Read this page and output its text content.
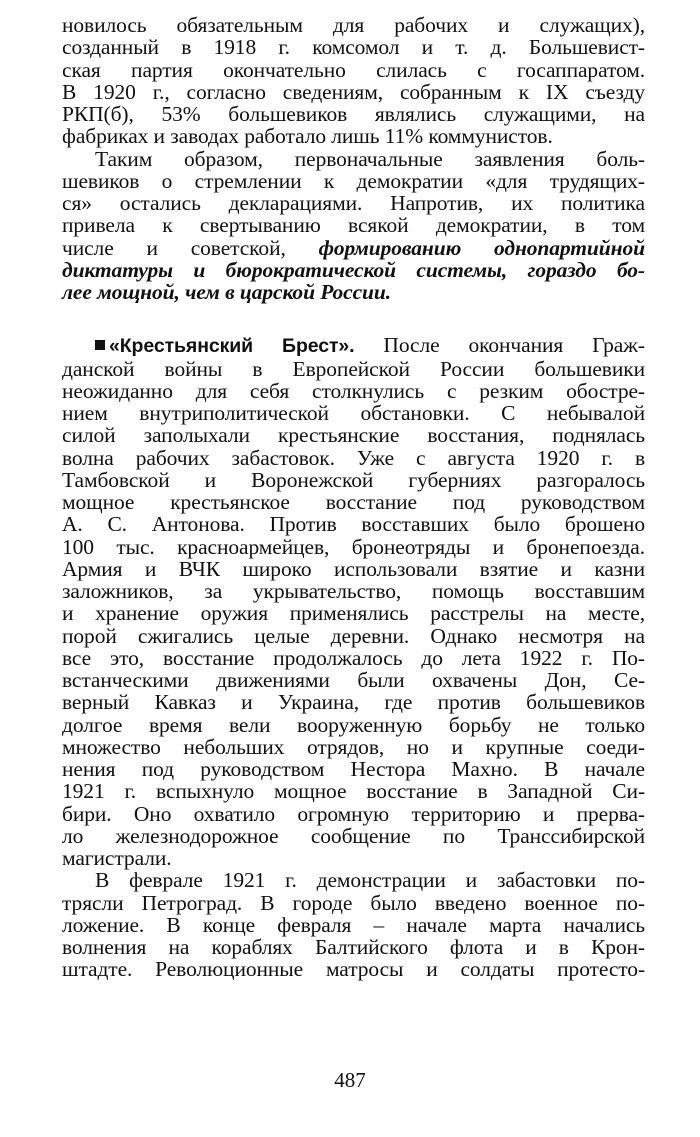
новилось обязательным для рабочих и служащих),
созданный в 1918 г. комсомол и т. д. Большевист-
ская партия окончательно слилась с госаппаратом.
В 1920 г., согласно сведениям, собранным к IX съезду
РКП(б), 53% большевиков являлись служащими, на
фабриках и заводах работало лишь 11% коммунистов.
Таким образом, первоначальные заявления боль-
шевиков о стремлении к демократии «для трудящих-
ся» остались декларациями. Напротив, их политика
привела к свертыванию всякой демократии, в том
числе и советской, формированию однопартийной
диктатуры и бюрократической системы, гораздо бо-
лее мощной, чем в царской России.
«Крестьянский Брест». После окончания Граж-
данской войны в Европейской России большевики
неожиданно для себя столкнулись с резким обостре-
нием внутриполитической обстановки. С небывалой
силой заполыхали крестьянские восстания, поднялась
волна рабочих забастовок. Уже с августа 1920 г. в
Тамбовской и Воронежской губерниях разгоралось
мощное крестьянское восстание под руководством
А. С. Антонова. Против восставших было брошено
100 тыс. красноармейцев, бронеотряды и бронепоезда.
Армия и ВЧК широко использовали взятие и казни
заложников, за укрывательство, помощь восставшим
и хранение оружия применялись расстрелы на месте,
порой сжигались целые деревни. Однако несмотря на
все это, восстание продолжалось до лета 1922 г. По-
встанческими движениями были охвачены Дон, Се-
верный Кавказ и Украина, где против большевиков
долгое время вели вооруженную борьбу не только
множество небольших отрядов, но и крупные соеди-
нения под руководством Нестора Махно. В начале
1921 г. вспыхнуло мощное восстание в Западной Си-
бири. Оно охватило огромную территорию и прерва-
ло железнодорожное сообщение по Транссибирской
магистрали.
В феврале 1921 г. демонстрации и забастовки по-
трясли Петроград. В городе было введено военное по-
ложение. В конце февраля – начале марта начались
волнения на кораблях Балтийского флота и в Крон-
штадте. Революционные матросы и солдаты протесто-
487
